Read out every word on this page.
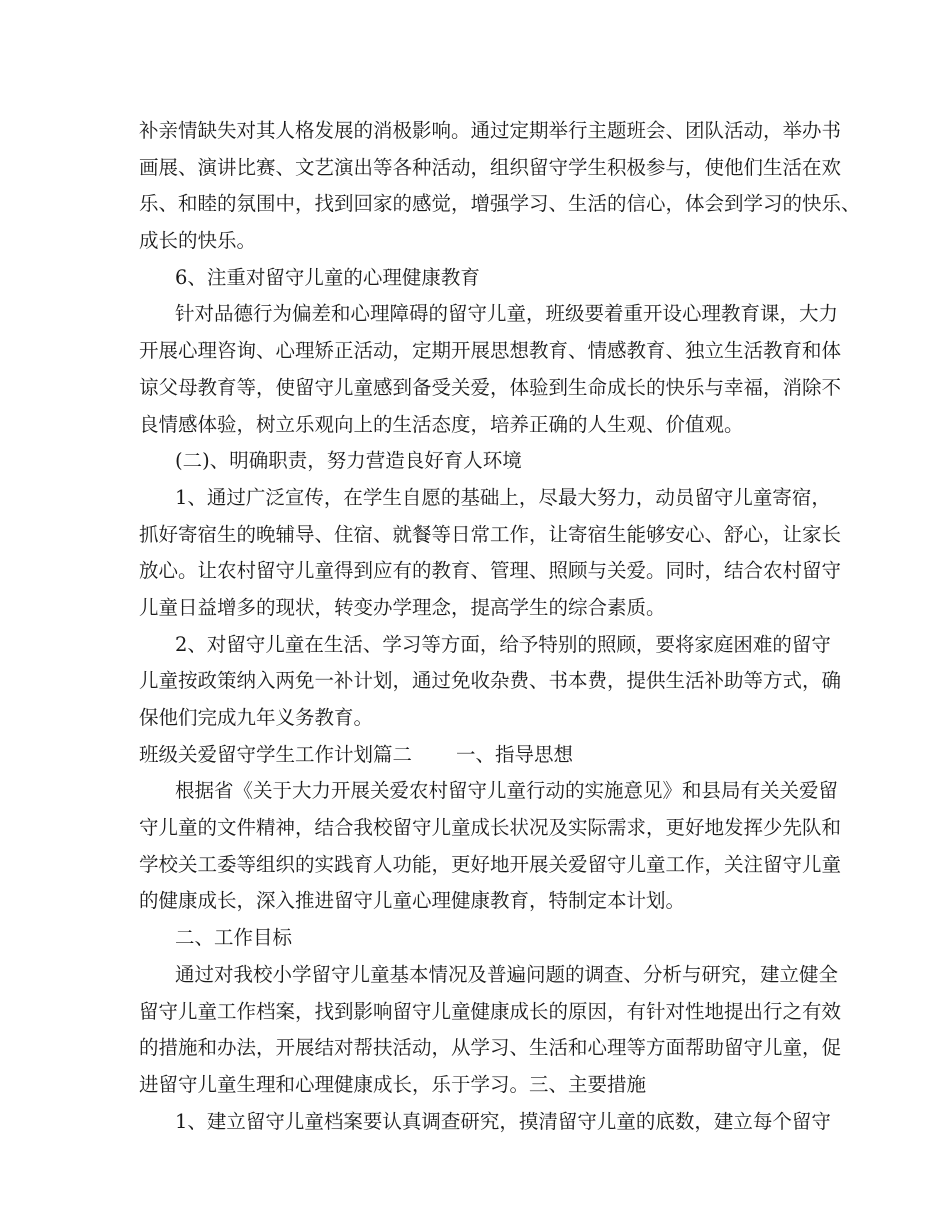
补亲情缺失对其人格发展的消极影响。通过定期举行主题班会、团队活动，举办书
画展、演讲比赛、文艺演出等各种活动，组织留守学生积极参与，使他们生活在欢
乐、和睦的氛围中，找到回家的感觉，增强学习、生活的信心，体会到学习的快乐、
成长的快乐。
6、注重对留守儿童的心理健康教育
针对品德行为偏差和心理障碍的留守儿童，班级要着重开设心理教育课，大力
开展心理咨询、心理矫正活动，定期开展思想教育、情感教育、独立生活教育和体
谅父母教育等，使留守儿童感到备受关爱，体验到生命成长的快乐与幸福，消除不
良情感体验，树立乐观向上的生活态度，培养正确的人生观、价值观。
(二)、明确职责，努力营造良好育人环境
1、通过广泛宣传，在学生自愿的基础上，尽最大努力，动员留守儿童寄宿，
抓好寄宿生的晚辅导、住宿、就餐等日常工作，让寄宿生能够安心、舒心，让家长
放心。让农村留守儿童得到应有的教育、管理、照顾与关爱。同时，结合农村留守
儿童日益增多的现状，转变办学理念，提高学生的综合素质。
2、对留守儿童在生活、学习等方面，给予特别的照顾，要将家庭困难的留守
儿童按政策纳入两免一补计划，通过免收杂费、书本费，提供生活补助等方式，确
保他们完成九年义务教育。
班级关爱留守学生工作计划篇二 一、指导思想
根据省《关于大力开展关爱农村留守儿童行动的实施意见》和县局有关关爱留
守儿童的文件精神，结合我校留守儿童成长状况及实际需求，更好地发挥少先队和
学校关工委等组织的实践育人功能，更好地开展关爱留守儿童工作，关注留守儿童
的健康成长，深入推进留守儿童心理健康教育，特制定本计划。
二、工作目标
通过对我校小学留守儿童基本情况及普遍问题的调查、分析与研究，建立健全
留守儿童工作档案，找到影响留守儿童健康成长的原因，有针对性地提出行之有效
的措施和办法，开展结对帮扶活动，从学习、生活和心理等方面帮助留守儿童，促
进留守儿童生理和心理健康成长，乐于学习。三、主要措施
1、建立留守儿童档案要认真调查研究，摸清留守儿童的底数，建立每个留守
